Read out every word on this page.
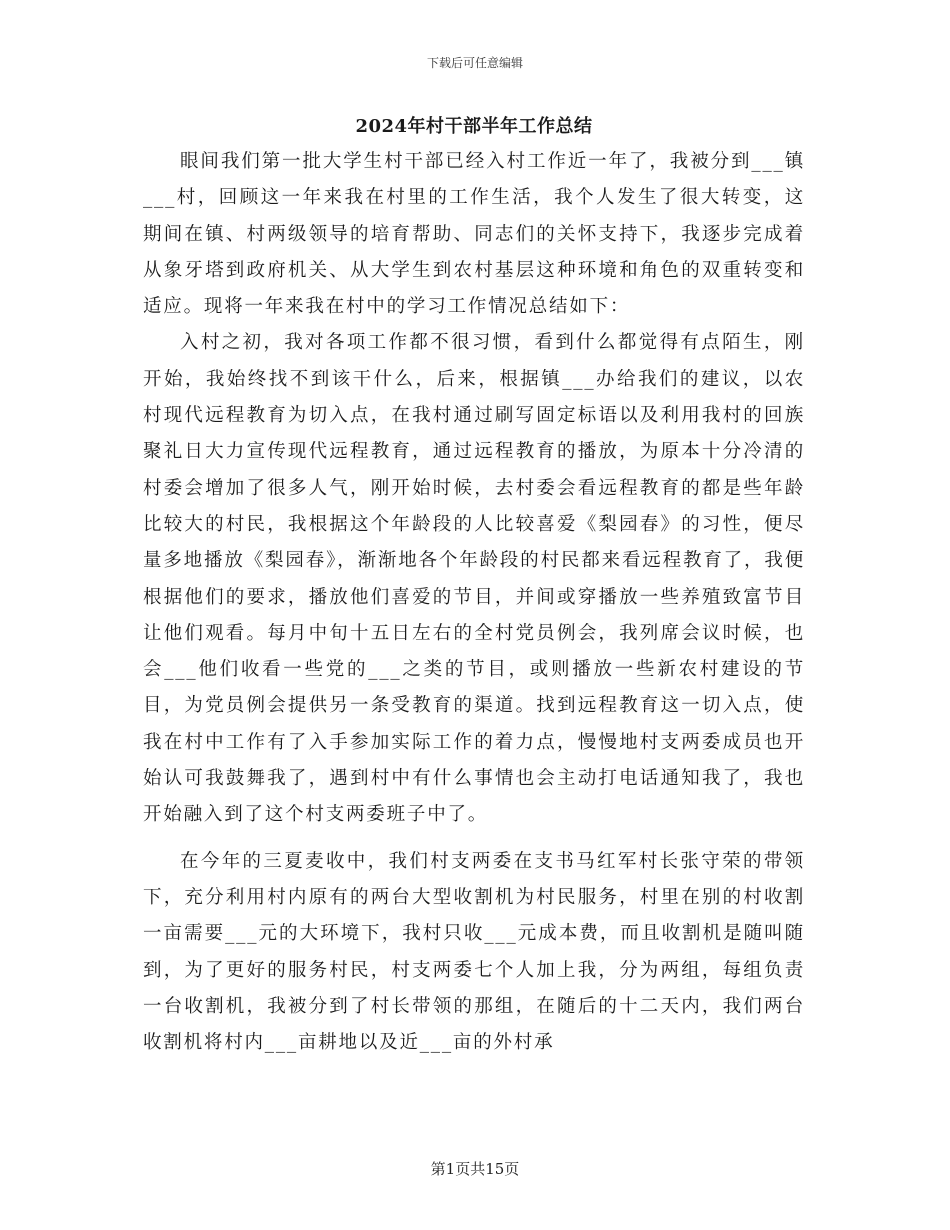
下载后可任意编辑
2024年村干部半年工作总结

眼间我们第一批大学生村干部已经入村工作近一年了，我被分到___镇___村，回顾这一年来我在村里的工作生活，我个人发生了很大转变，这期间在镇、村两级领导的培育帮助、同志们的关怀支持下，我逐步完成着从象牙塔到政府机关、从大学生到农村基层这种环境和角色的双重转变和适应。现将一年来我在村中的学习工作情况总结如下：

入村之初，我对各项工作都不很习惯，看到什么都觉得有点陌生，刚开始，我始终找不到该干什么，后来，根据镇___办给我们的建议，以农村现代远程教育为切入点，在我村通过刷写固定标语以及利用我村的回族聚礼日大力宣传现代远程教育，通过远程教育的播放，为原本十分冷清的村委会增加了很多人气，刚开始时候，去村委会看远程教育的都是些年龄比较大的村民，我根据这个年龄段的人比较喜爱《梨园春》的习性，便尽量多地播放《梨园春》，渐渐地各个年龄段的村民都来看远程教育了，我便根据他们的要求，播放他们喜爱的节目，并间或穿播放一些养殖致富节目让他们观看。每月中旬十五日左右的全村党员例会，我列席会议时候，也会___他们收看一些党的___之类的节目，或则播放一些新农村建设的节目，为党员例会提供另一条受教育的渠道。找到远程教育这一切入点，使我在村中工作有了入手参加实际工作的着力点，慢慢地村支两委成员也开始认可我鼓舞我了，遇到村中有什么事情也会主动打电话通知我了，我也开始融入到了这个村支两委班子中了。

在今年的三夏麦收中，我们村支两委在支书马红军村长张守荣的带领下，充分利用村内原有的两台大型收割机为村民服务，村里在别的村收割一亩需要___元的大环境下，我村只收___元成本费，而且收割机是随叫随到，为了更好的服务村民，村支两委七个人加上我，分为两组，每组负责一台收割机，我被分到了村长带领的那组，在随后的十二天内，我们两台收割机将村内___亩耕地以及近___亩的外村承

第1页共15页
